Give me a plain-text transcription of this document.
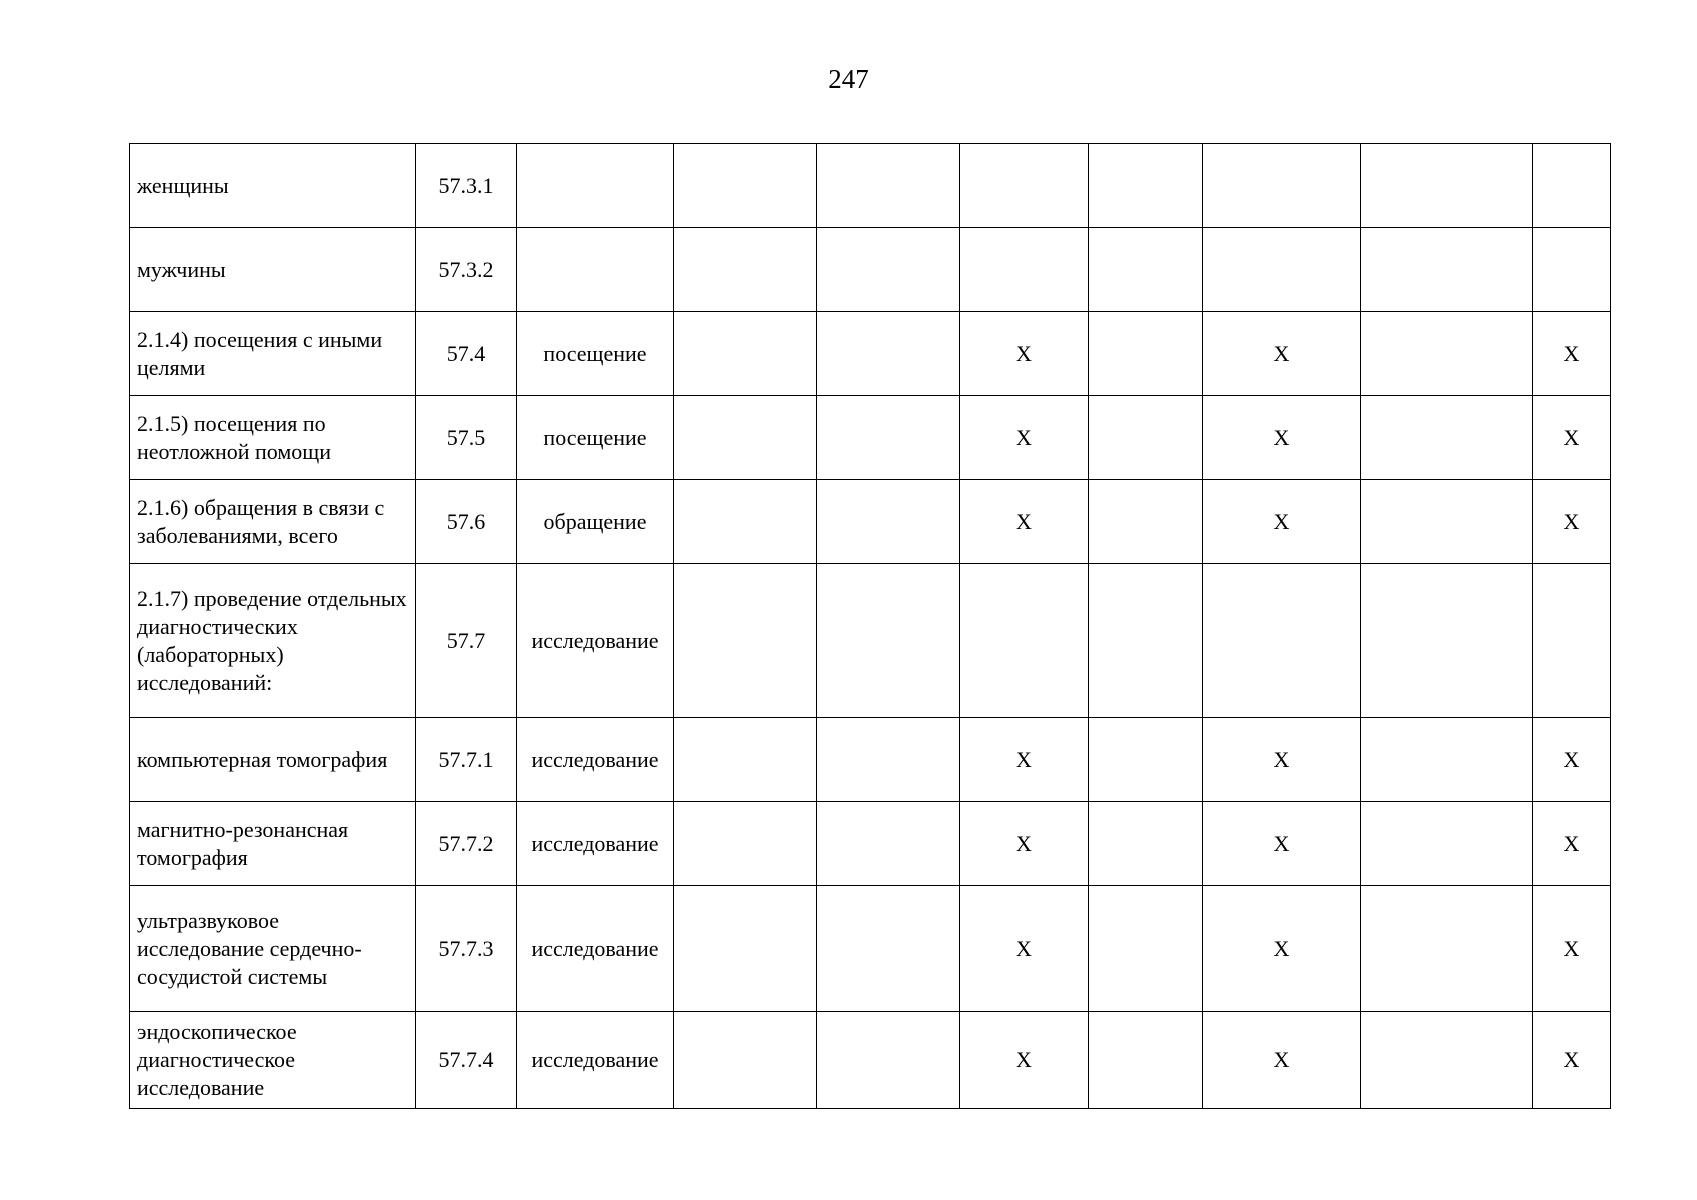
247
женщины	57.3.1								
мужчины	57.3.2								
2.1.4) посещения с иными целями	57.4	посещение			X		X		X
2.1.5) посещения по неотложной помощи	57.5	посещение			X		X		X
2.1.6) обращения в связи с заболеваниями, всего	57.6	обращение			X		X		X
2.1.7) проведение отдельных диагностических (лабораторных) исследований:	57.7	исследование							
компьютерная томография	57.7.1	исследование			X		X		X
магнитно-резонансная томография	57.7.2	исследование			X		X		X
ультразвуковое исследование сердечно-сосудистой системы	57.7.3	исследование			X		X		X
эндоскопическое диагностическое исследование	57.7.4	исследование			X		X		X
